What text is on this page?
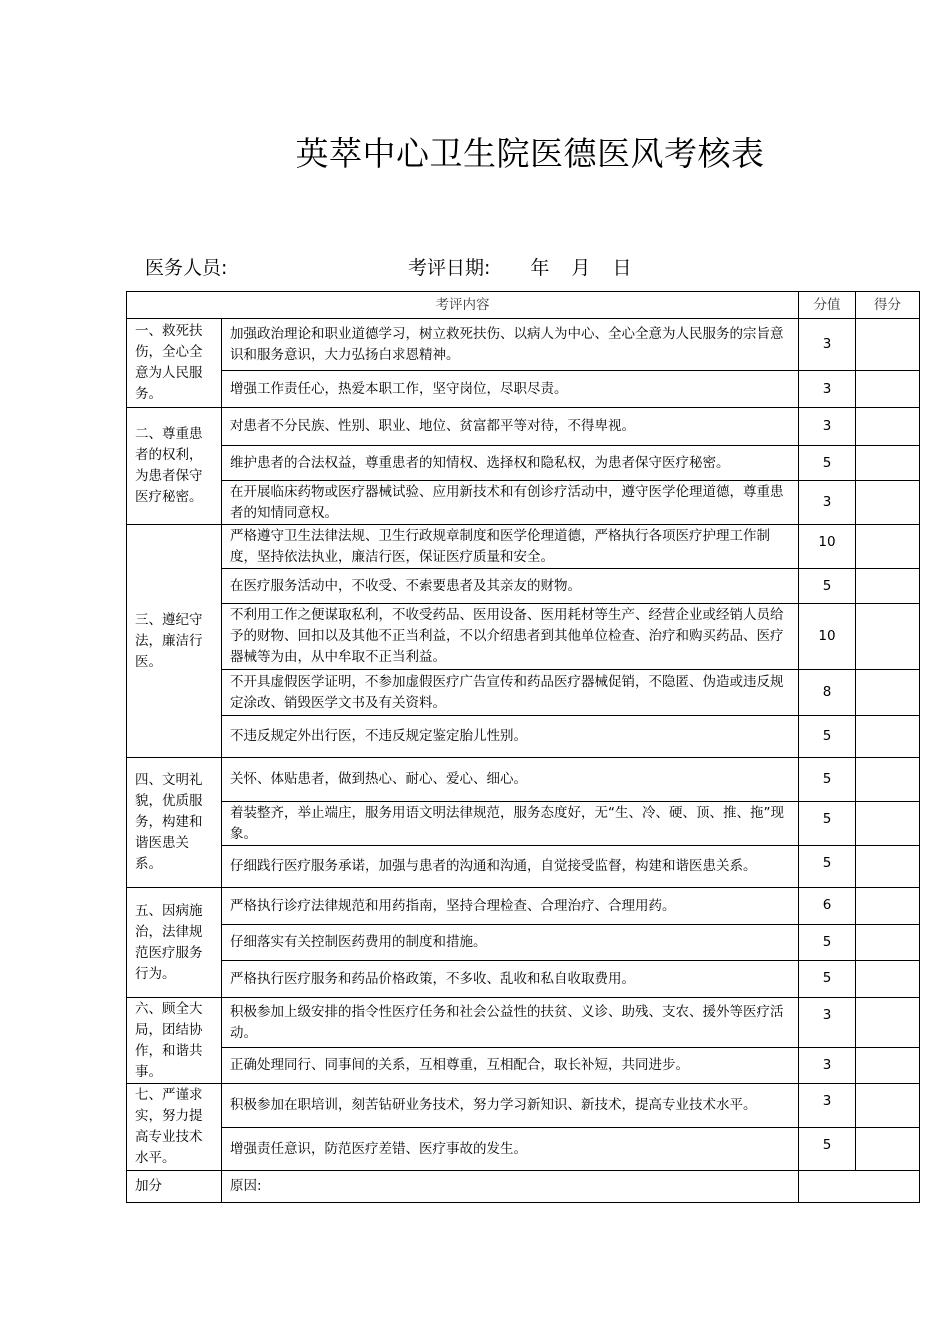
英萃中心卫生院医德医风考核表
医务人员:	考评日期: 年 月 日
考评内容		分值	得分
一、救死扶伤，全心全意为人民服务。	加强政治理论和职业道德学习，树立救死扶伤、以病人为中心、全心全意为人民服务的宗旨意识和服务意识，大力弘扬白求恩精神。	3	
	增强工作责任心，热爱本职工作，坚守岗位，尽职尽责。	3	
二、尊重患者的权利，为患者保守医疗秘密。	对患者不分民族、性别、职业、地位、贫富都平等对待，不得卑视。	3	
	维护患者的合法权益，尊重患者的知情权、选择权和隐私权，为患者保守医疗秘密。	5	
	在开展临床药物或医疗器械试验、应用新技术和有创诊疗活动中，遵守医学伦理道德，尊重患者的知情同意权。	3	
三、遵纪守法，廉洁行医。	严格遵守卫生法律法规、卫生行政规章制度和医学伦理道德，严格执行各项医疗护理工作制度，坚持依法执业，廉洁行医，保证医疗质量和安全。	10	
	在医疗服务活动中，不收受、不索要患者及其亲友的财物。	5	
	不利用工作之便谋取私利，不收受药品、医用设备、医用耗材等生产、经营企业或经销人员给予的财物、回扣以及其他不正当利益，不以介绍患者到其他单位检查、治疗和购买药品、医疗器械等为由，从中牟取不正当利益。	10	
	不开具虚假医学证明，不参加虚假医疗广告宣传和药品医疗器械促销，不隐匿、伪造或违反规定涂改、销毁医学文书及有关资料。	8	
	不违反规定外出行医，不违反规定鉴定胎儿性别。	5	
四、文明礼貌，优质服务，构建和谐医患关系。	关怀、体贴患者，做到热心、耐心、爱心、细心。	5	
	着装整齐，举止端庄，服务用语文明法律规范，服务态度好，无“生、冷、硬、顶、推、拖”现象。	5	
	仔细践行医疗服务承诺，加强与患者的沟通和沟通，自觉接受监督，构建和谐医患关系。	5	
五、因病施治，法律规范医疗服务行为。	严格执行诊疗法律规范和用药指南，坚持合理检查、合理治疗、合理用药。	6	
	仔细落实有关控制医药费用的制度和措施。	5	
	严格执行医疗服务和药品价格政策，不多收、乱收和私自收取费用。	5	
六、顾全大局，团结协作，和谐共事。	积极参加上级安排的指令性医疗任务和社会公益性的扶贫、义诊、助残、支农、援外等医疗活动。	3	
	正确处理同行、同事间的关系，互相尊重，互相配合，取长补短，共同进步。	3	
七、严谨求实，努力提高专业技术水平。	积极参加在职培训，刻苦钻研业务技术，努力学习新知识、新技术，提高专业技术水平。	3	
	增强责任意识，防范医疗差错、医疗事故的发生。	5	
加分	原因:		
